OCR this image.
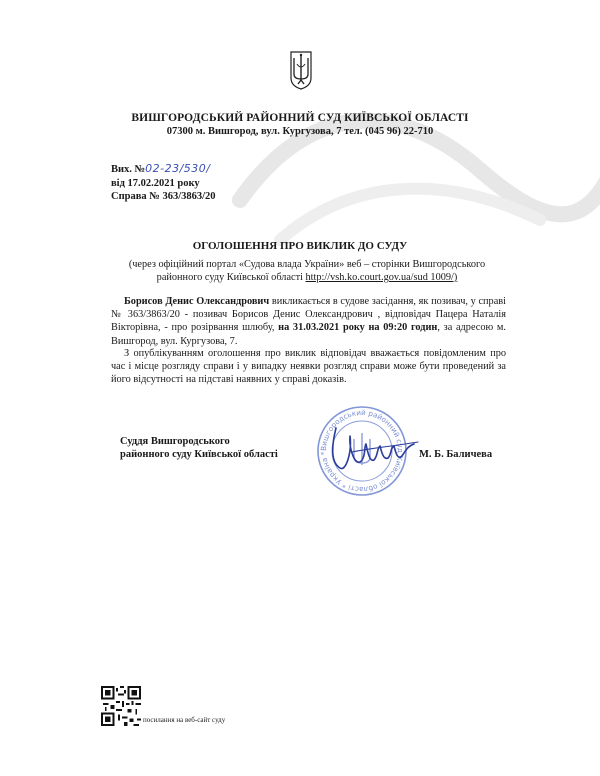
ВИШГОРОДСЬКИЙ РАЙОННИЙ СУД КИЇВСЬКОЇ ОБЛАСТІ
07300 м. Вишгород, вул. Кургузова, 7 тел. (045 96) 22-710
Вих. №02-23/530/
від 17.02.2021 року
Справа № 363/3863/20
ОГОЛОШЕННЯ ПРО ВИКЛИК ДО СУДУ
(через офіційний портал «Судова влада України» веб – сторінки Вишгородського районного суду Київської області http://vsh.ko.court.gov.ua/sud 1009/)
Борисов Денис Олександрович викликається в судове засідання, як позивач, у справі № 363/3863/20 - позивач Борисов Денис Олександрович , відповідач Пацера Наталія Вікторівна, - про розірвання шлюбу, на 31.03.2021 року на 09:20 годин, за адресою м. Вишгород, вул. Кургузова, 7.
З опублікуванням оголошення про виклик відповідач вважається повідомленим про час і місце розгляду справи і у випадку неявки розгляд справи може бути проведений за його відсутності на підставі наявних у справі доказів.
Суддя Вишгородського
районного суду Київської області
Вишгородський районний суд Київської області * Україна *	М. Б. Баличева
посилання на веб-сайт суду
